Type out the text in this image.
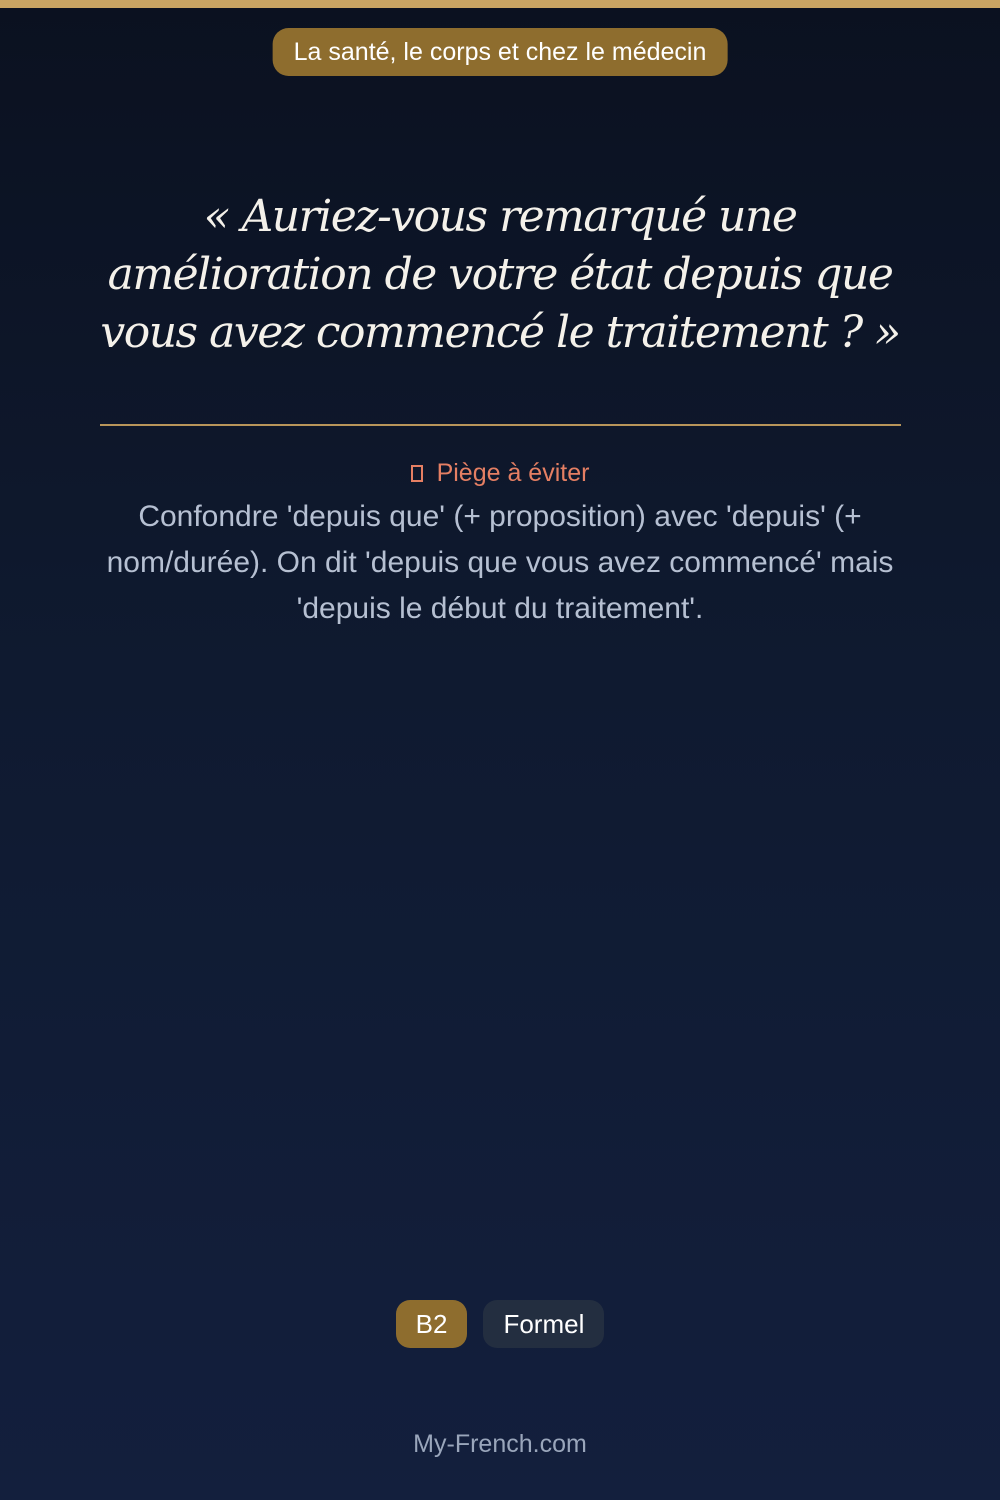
La santé, le corps et chez le médecin

« Auriez-vous remarqué une amélioration de votre état depuis que vous avez commencé le traitement ? »

Piège à éviter

Confondre 'depuis que' (+ proposition) avec 'depuis' (+ nom/durée). On dit 'depuis que vous avez commencé' mais 'depuis le début du traitement'.

B2	Formel
My-French.com
